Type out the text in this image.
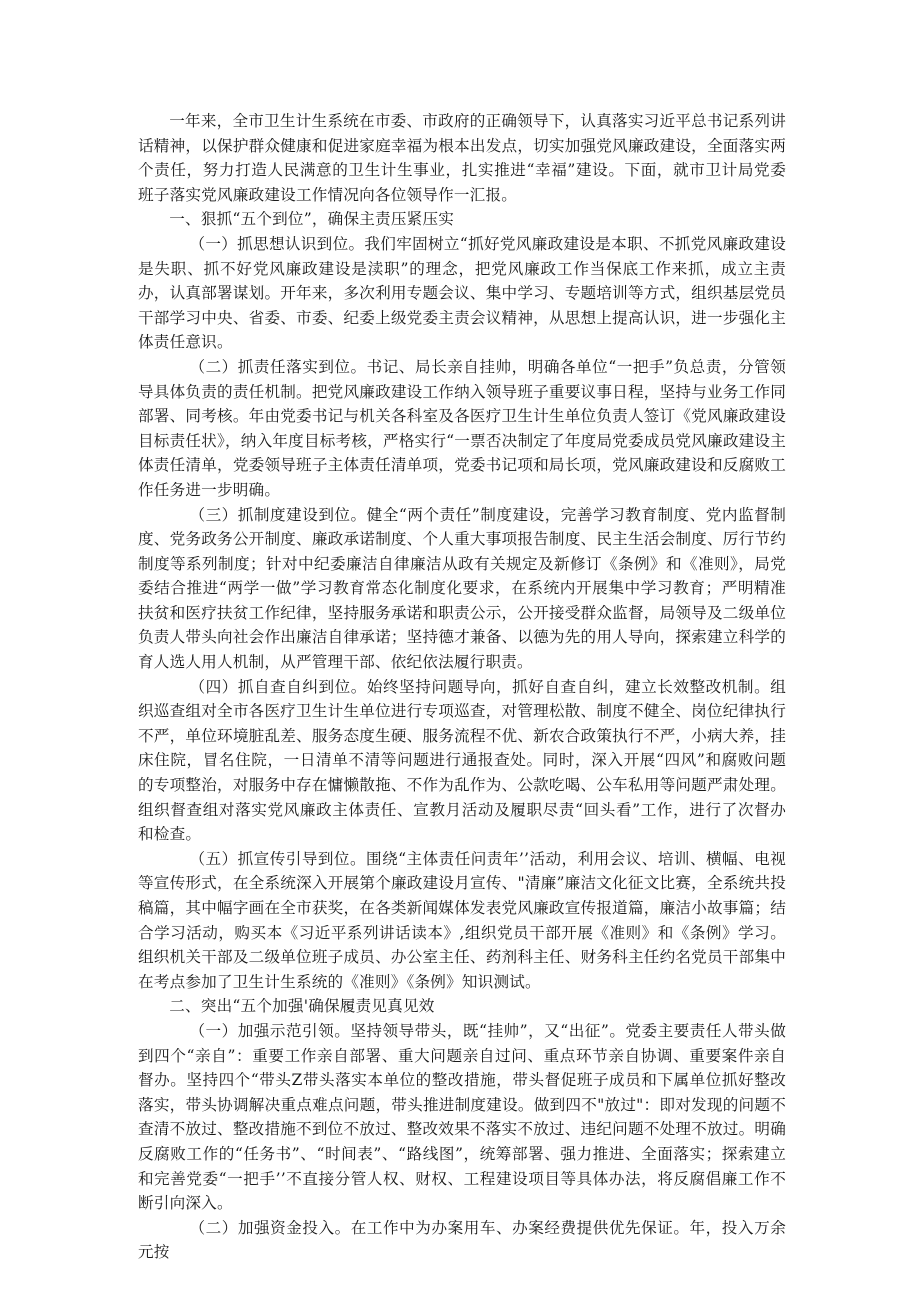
一年来，全市卫生计生系统在市委、市政府的正确领导下，认真落实习近平总书记系列讲话精神，以保护群众健康和促进家庭幸福为根本出发点，切实加强党风廉政建设，全面落实两个责任，努力打造人民满意的卫生计生事业，扎实推进“幸福”建设。下面，就市卫计局党委班子落实党风廉政建设工作情况向各位领导作一汇报。

一、狠抓“五个到位”，确保主责压紧压实

（一）抓思想认识到位。我们牢固树立“抓好党风廉政建设是本职、不抓党风廉政建设是失职、抓不好党风廉政建设是渎职”的理念，把党风廉政工作当保底工作来抓，成立主责办，认真部署谋划。开年来，多次利用专题会议、集中学习、专题培训等方式，组织基层党员干部学习中央、省委、市委、纪委上级党委主责会议精神，从思想上提高认识，进一步强化主体责任意识。

（二）抓责任落实到位。书记、局长亲自挂帅，明确各单位“一把手”负总责，分管领导具体负责的责任机制。把党风廉政建设工作纳入领导班子重要议事日程，坚持与业务工作同部署、同考核。年由党委书记与机关各科室及各医疗卫生计生单位负责人签订《党风廉政建设目标责任状》，纳入年度目标考核，严格实行“一票否决制定了年度局党委成员党风廉政建设主体责任清单，党委领导班子主体责任清单项，党委书记项和局长项，党风廉政建设和反腐败工作任务进一步明确。

（三）抓制度建设到位。健全“两个责任”制度建设，完善学习教育制度、党内监督制度、党务政务公开制度、廉政承诺制度、个人重大事项报告制度、民主生活会制度、厉行节约制度等系列制度；针对中纪委廉洁自律廉洁从政有关规定及新修订《条例》和《准则》，局党委结合推进“两学一做”学习教育常态化制度化要求，在系统内开展集中学习教育；严明精准扶贫和医疗扶贫工作纪律，坚持服务承诺和职责公示，公开接受群众监督，局领导及二级单位负责人带头向社会作出廉洁自律承诺；坚持德才兼备、以德为先的用人导向，探索建立科学的育人选人用人机制，从严管理干部、依纪依法履行职责。

（四）抓自查自纠到位。始终坚持问题导向，抓好自查自纠，建立长效整改机制。组织巡查组对全市各医疗卫生计生单位进行专项巡查，对管理松散、制度不健全、岗位纪律执行不严，单位环境脏乱差、服务态度生硬、服务流程不优、新农合政策执行不严，小病大养，挂床住院，冒名住院，一日清单不清等问题进行通报查处。同时，深入开展“四风”和腐败问题的专项整治，对服务中存在慵懒散拖、不作为乱作为、公款吃喝、公车私用等问题严肃处理。组织督查组对落实党风廉政主体责任、宣教月活动及履职尽责“回头看”工作，进行了次督办和检查。

（五）抓宣传引导到位。围绕“主体责任问责年’’活动，利用会议、培训、横幅、电视等宣传形式，在全系统深入开展第个廉政建设月宣传、"清廉”廉洁文化征文比赛，全系统共投稿篇，其中幅字画在全市获奖，在各类新闻媒体发表党风廉政宣传报道篇，廉洁小故事篇；结合学习活动，购买本《习近平系列讲话读本》,组织党员干部开展《准则》和《条例》学习。组织机关干部及二级单位班子成员、办公室主任、药剂科主任、财务科主任约名党员干部集中在考点参加了卫生计生系统的《准则》《条例》知识测试。

二、突出“五个加强'确保履责见真见效

（一）加强示范引领。坚持领导带头，既“挂帅”，又“出征”。党委主要责任人带头做到四个“亲自”：重要工作亲自部署、重大问题亲自过问、重点环节亲自协调、重要案件亲自督办。坚持四个“带头Z带头落实本单位的整改措施，带头督促班子成员和下属单位抓好整改落实，带头协调解决重点难点问题，带头推进制度建设。做到四不"放过"：即对发现的问题不查清不放过、整改措施不到位不放过、整改效果不落实不放过、违纪问题不处理不放过。明确反腐败工作的“任务书”、“时间表”、“路线图”，统筹部署、强力推进、全面落实；探索建立和完善党委“一把手’’不直接分管人权、财权、工程建设项目等具体办法，将反腐倡廉工作不断引向深入。

（二）加强资金投入。在工作中为办案用车、办案经费提供优先保证。年，投入万余元按
